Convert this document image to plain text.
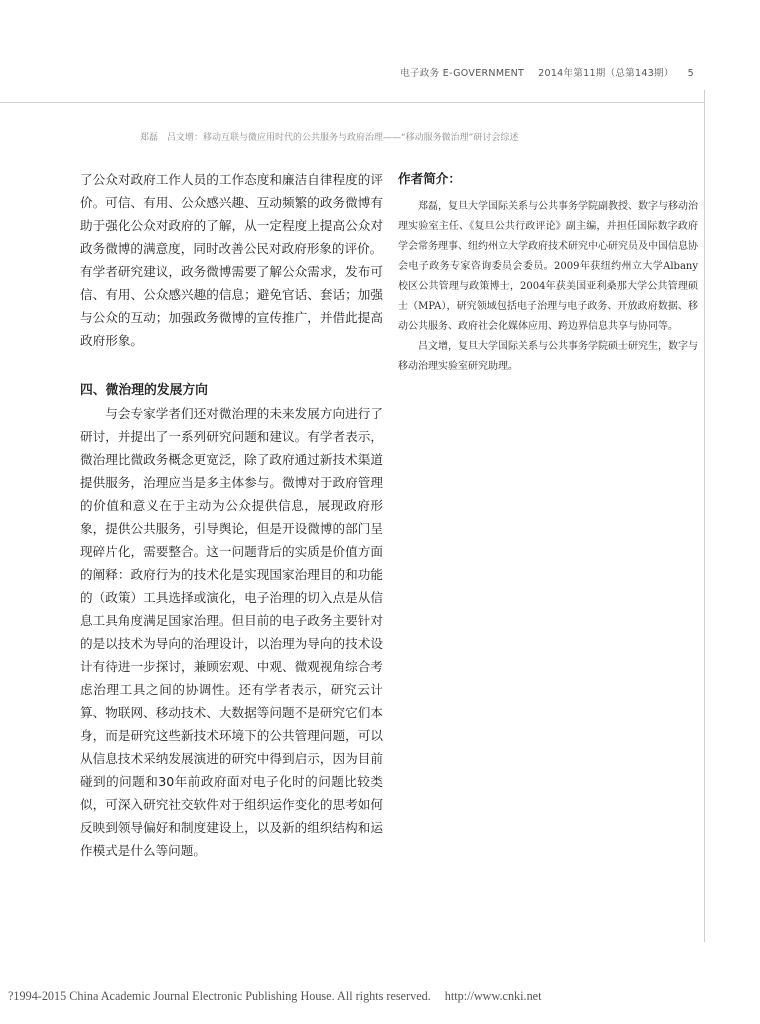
电子政务 E-GOVERNMENT 2014年第11期（总第143期） 5
郑磊　吕文增：移动互联与微应用时代的公共服务与政府治理——“移动服务微治理”研讨会综述

了公众对政府工作人员的工作态度和廉洁自律程度的评价。可信、有用、公众感兴趣、互动频繁的政务微博有助于强化公众对政府的了解，从一定程度上提高公众对政务微博的满意度，同时改善公民对政府形象的评价。

有学者研究建议，政务微博需要了解公众需求，发布可信、有用、公众感兴趣的信息；避免官话、套话；加强与公众的互动；加强政务微博的宣传推广，并借此提高政府形象。

四、微治理的发展方向

与会专家学者们还对微治理的未来发展方向进行了研讨，并提出了一系列研究问题和建议。有学者表示，微治理比微政务概念更宽泛，除了政府通过新技术渠道提供服务，治理应当是多主体参与。微博对于政府管理的价值和意义在于主动为公众提供信息，展现政府形象，提供公共服务，引导舆论，但是开设微博的部门呈现碎片化，需要整合。这一问题背后的实质是价值方面的阐释：政府行为的技术化是实现国家治理目的和功能的（政策）工具选择或演化，电子治理的切入点是从信息工具角度满足国家治理。但目前的电子政务主要针对的是以技术为导向的治理设计，以治理为导向的技术设计有待进一步探讨，兼顾宏观、中观、微观视角综合考虑治理工具之间的协调性。还有学者表示，研究云计算、物联网、移动技术、大数据等问题不是研究它们本身，而是研究这些新技术环境下的公共管理问题，可以从信息技术采纳发展演进的研究中得到启示，因为目前碰到的问题和30年前政府面对电子化时的问题比较类似，可深入研究社交软件对于组织运作变化的思考如何反映到领导偏好和制度建设上，以及新的组织结构和运作模式是什么等问题。

作者简介：

郑磊，复旦大学国际关系与公共事务学院副教授、数字与移动治理实验室主任、《复旦公共行政评论》副主编，并担任国际数字政府学会常务理事、纽约州立大学政府技术研究中心研究员及中国信息协会电子政务专家咨询委员会委员。2009年获纽约州立大学Albany校区公共管理与政策博士，2004年获美国亚利桑那大学公共管理硕士（MPA），研究领域包括电子治理与电子政务、开放政府数据、移动公共服务、政府社会化媒体应用、跨边界信息共享与协同等。

吕文增，复旦大学国际关系与公共事务学院硕士研究生，数字与移动治理实验室研究助理。

?1994-2015 China Academic Journal Electronic Publishing House. All rights reserved. http://www.cnki.net
